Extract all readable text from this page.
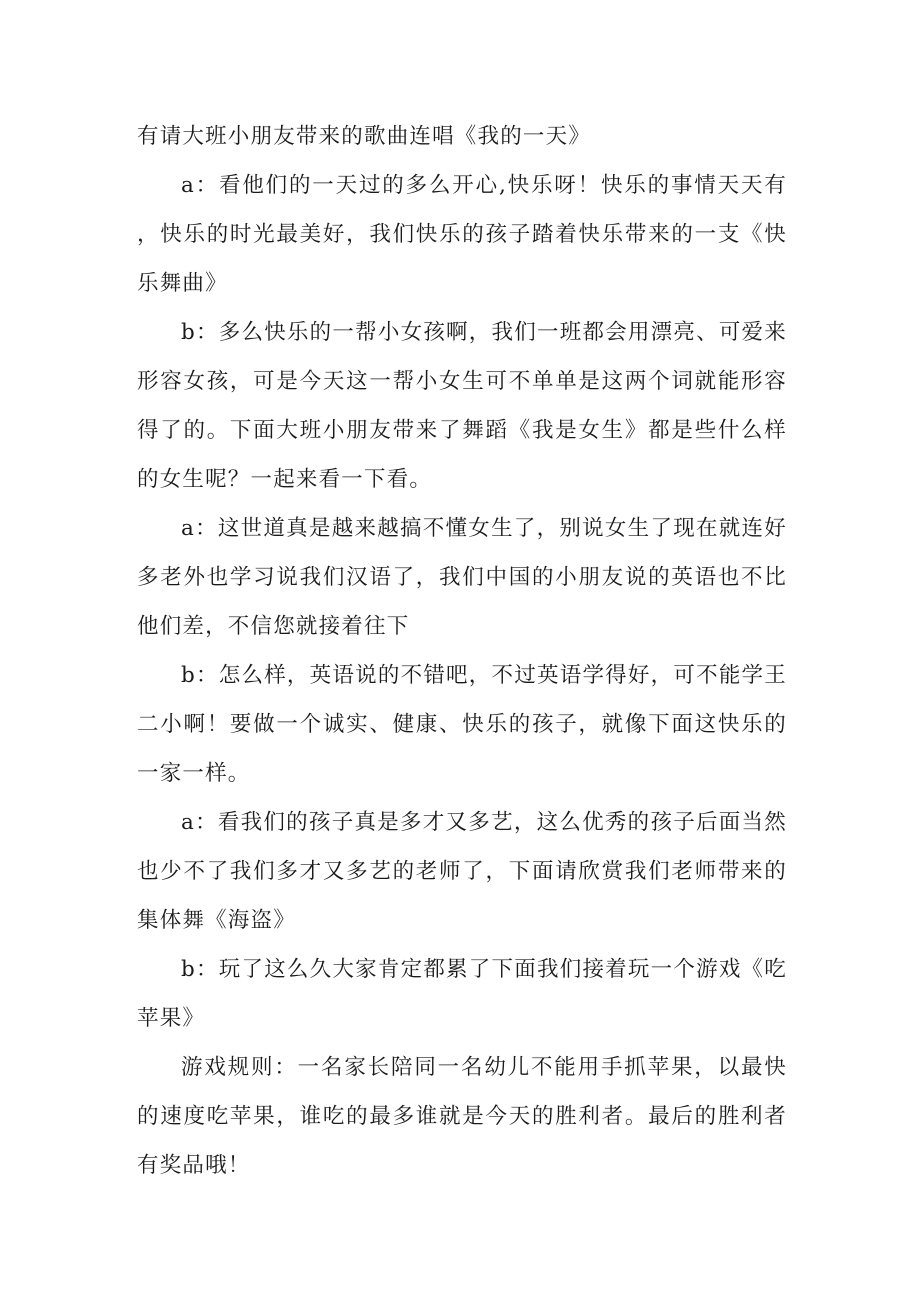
有请大班小朋友带来的歌曲连唱《我的一天》

a：看他们的一天过的多么开心,快乐呀！快乐的事情天天有，快乐的时光最美好，我们快乐的孩子踏着快乐带来的一支《快乐舞曲》

b：多么快乐的一帮小女孩啊，我们一班都会用漂亮、可爱来形容女孩，可是今天这一帮小女生可不单单是这两个词就能形容得了的。下面大班小朋友带来了舞蹈《我是女生》都是些什么样的女生呢？一起来看一下看。

a：这世道真是越来越搞不懂女生了，别说女生了现在就连好多老外也学习说我们汉语了，我们中国的小朋友说的英语也不比他们差，不信您就接着往下

b：怎么样，英语说的不错吧，不过英语学得好，可不能学王二小啊！要做一个诚实、健康、快乐的孩子，就像下面这快乐的一家一样。

a：看我们的孩子真是多才又多艺，这么优秀的孩子后面当然也少不了我们多才又多艺的老师了，下面请欣赏我们老师带来的集体舞《海盗》

b：玩了这么久大家肯定都累了下面我们接着玩一个游戏《吃苹果》

游戏规则：一名家长陪同一名幼儿不能用手抓苹果，以最快的速度吃苹果，谁吃的最多谁就是今天的胜利者。最后的胜利者有奖品哦！
